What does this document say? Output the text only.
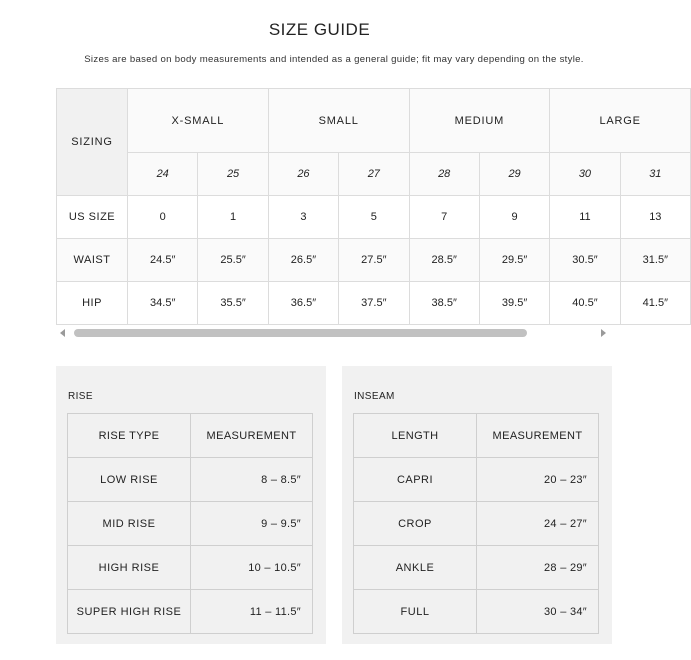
SIZE GUIDE
Sizes are based on body measurements and intended as a general guide; fit may vary depending on the style.
SIZING	X-SMALL		SMALL		MEDIUM		LARGE	
	24	25	26	27	28	29	30	31
US SIZE	0	1	3	5	7	9	11	13
WAIST	24.5″	25.5″	26.5″	27.5″	28.5″	29.5″	30.5″	31.5″
HIP	34.5″	35.5″	36.5″	37.5″	38.5″	39.5″	40.5″	41.5″
RISE
RISE TYPE	MEASUREMENT
LOW RISE	8 – 8.5″
MID RISE	9 – 9.5″
HIGH RISE	10 – 10.5″
SUPER HIGH RISE	11 – 11.5″
INSEAM
LENGTH	MEASUREMENT
CAPRI	20 – 23″
CROP	24 – 27″
ANKLE	28 – 29″
FULL	30 – 34″
